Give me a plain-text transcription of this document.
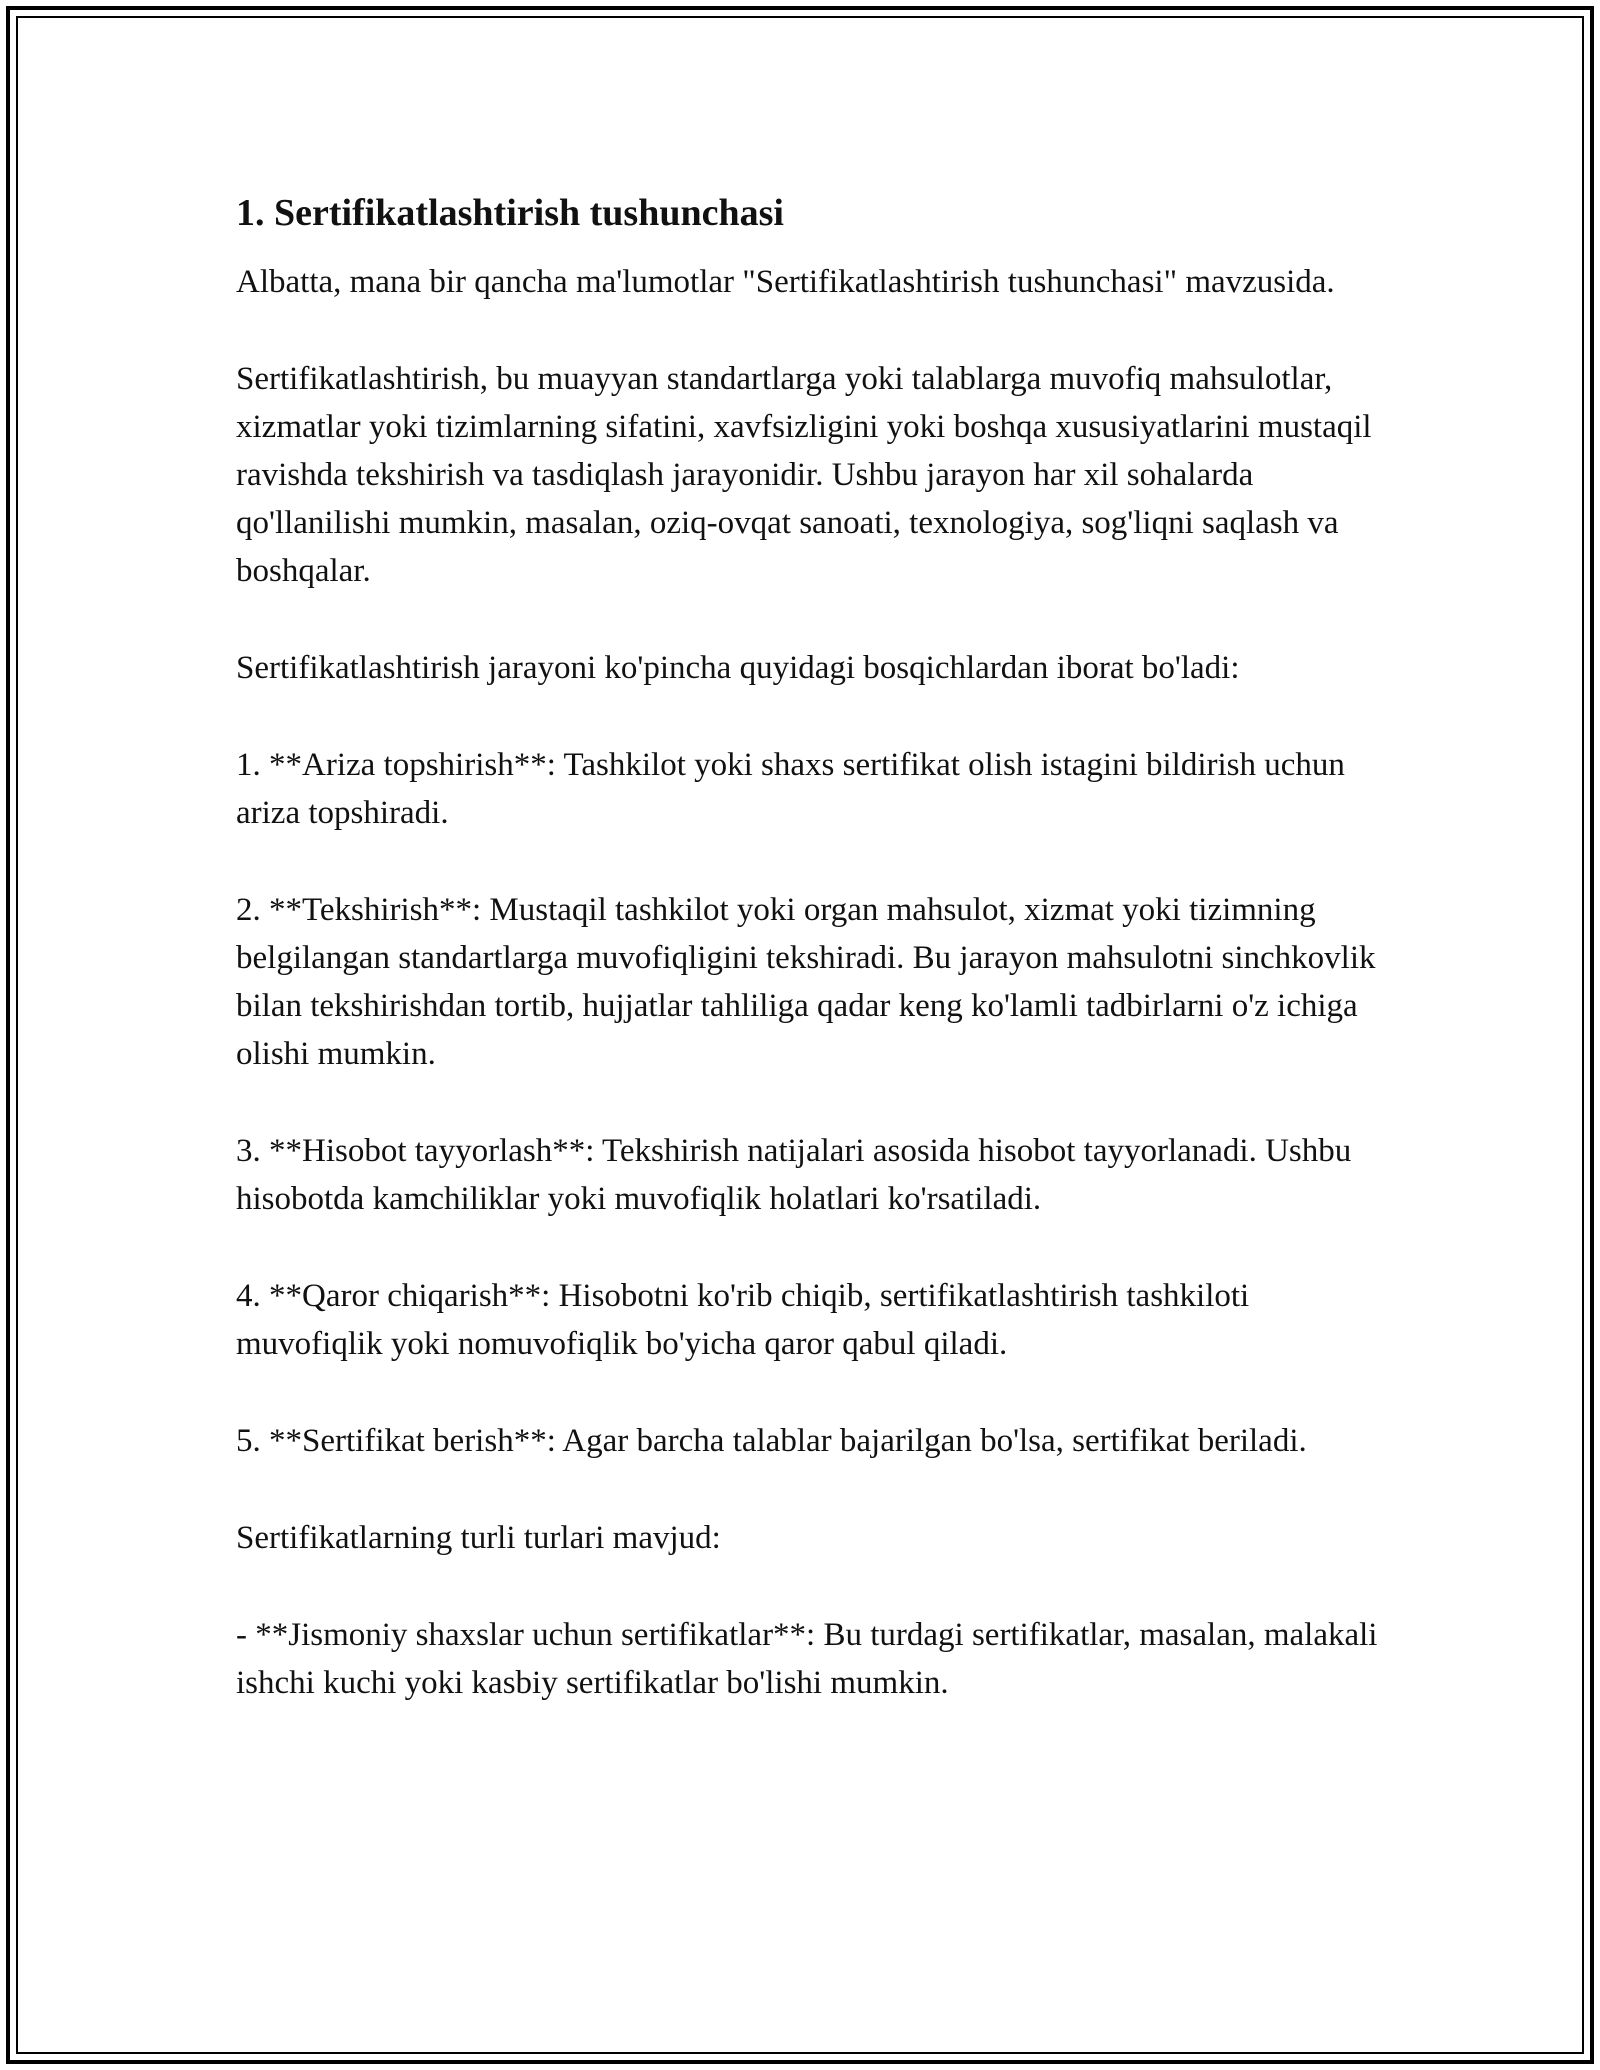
1. Sertifikatlashtirish tushunchasi

Albatta, mana bir qancha ma'lumotlar "Sertifikatlashtirish tushunchasi" mavzusida.

Sertifikatlashtirish, bu muayyan standartlarga yoki talablarga muvofiq mahsulotlar, xizmatlar yoki tizimlarning sifatini, xavfsizligini yoki boshqa xususiyatlarini mustaqil ravishda tekshirish va tasdiqlash jarayonidir. Ushbu jarayon har xil sohalarda qo'llanilishi mumkin, masalan, oziq-ovqat sanoati, texnologiya, sog'liqni saqlash va boshqalar.

Sertifikatlashtirish jarayoni ko'pincha quyidagi bosqichlardan iborat bo'ladi:

1. **Ariza topshirish**: Tashkilot yoki shaxs sertifikat olish istagini bildirish uchun ariza topshiradi.

2. **Tekshirish**: Mustaqil tashkilot yoki organ mahsulot, xizmat yoki tizimning belgilangan standartlarga muvofiqligini tekshiradi. Bu jarayon mahsulotni sinchkovlik bilan tekshirishdan tortib, hujjatlar tahliliga qadar keng ko'lamli tadbirlarni o'z ichiga olishi mumkin.

3. **Hisobot tayyorlash**: Tekshirish natijalari asosida hisobot tayyorlanadi. Ushbu hisobotda kamchiliklar yoki muvofiqlik holatlari ko'rsatiladi.

4. **Qaror chiqarish**: Hisobotni ko'rib chiqib, sertifikatlashtirish tashkiloti muvofiqlik yoki nomuvofiqlik bo'yicha qaror qabul qiladi.

5. **Sertifikat berish**: Agar barcha talablar bajarilgan bo'lsa, sertifikat beriladi.

Sertifikatlarning turli turlari mavjud:

- **Jismoniy shaxslar uchun sertifikatlar**: Bu turdagi sertifikatlar, masalan, malakali ishchi kuchi yoki kasbiy sertifikatlar bo'lishi mumkin.
